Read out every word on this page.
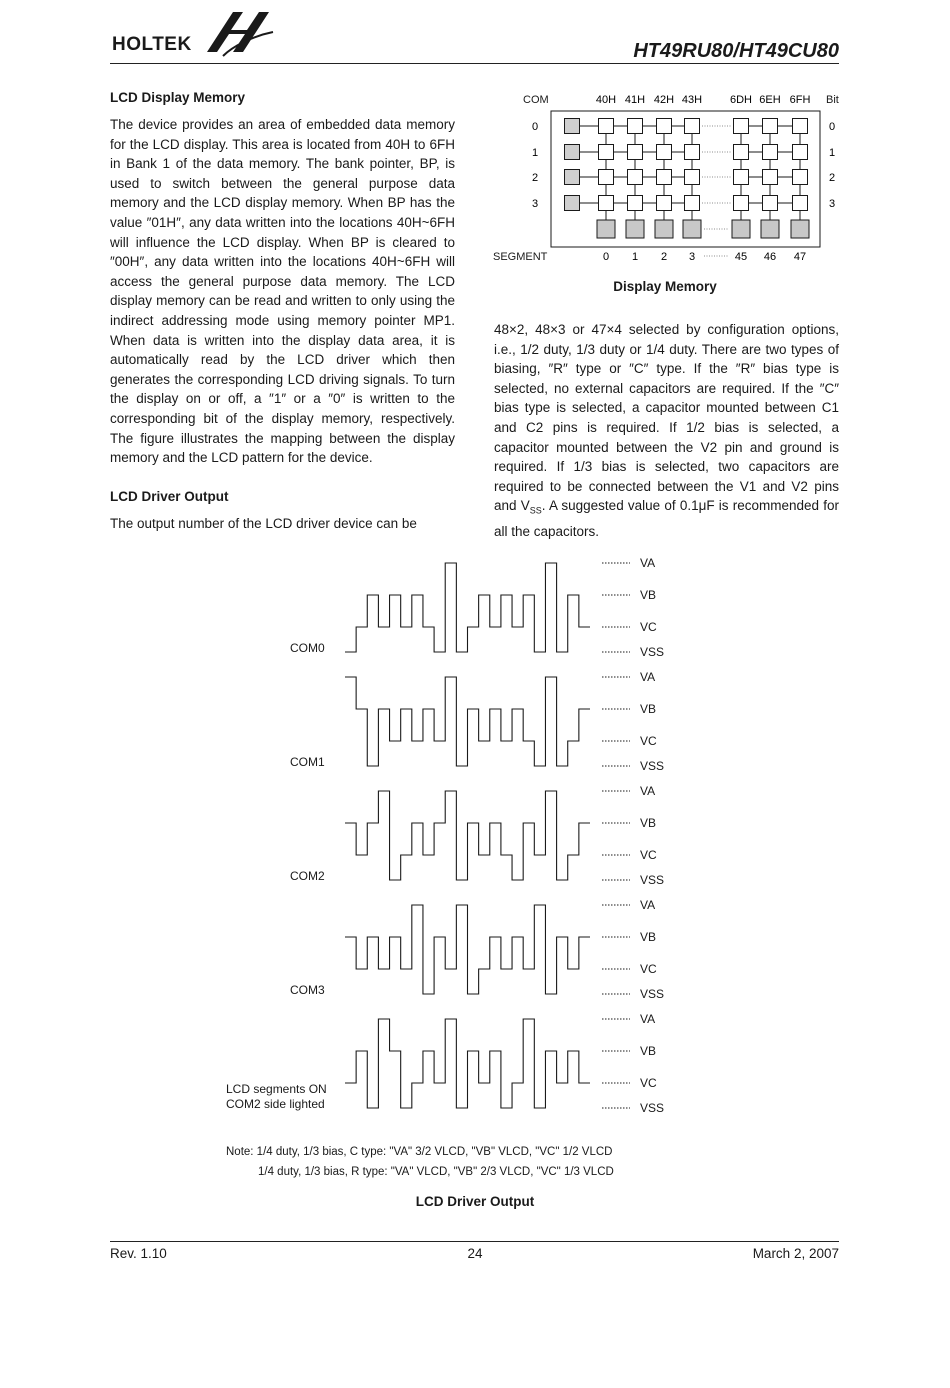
HOLTEK	HT49RU80/HT49CU80
LCD Display Memory

The device provides an area of embedded data memory for the LCD display. This area is located from 40H to 6FH in Bank 1 of the data memory. The bank pointer, BP, is used to switch between the general purpose data memory and the LCD display memory. When BP has the value ″01H″, any data written into the locations 40H~6FH will influence the LCD display. When BP is cleared to ″00H″, any data written into the locations 40H~6FH will access the general purpose data memory. The LCD display memory can be read and written to only using the indirect addressing mode using memory pointer MP1. When data is written into the display data area, it is automatically read by the LCD driver which then generates the corresponding LCD driving signals. To turn the display on or off, a ″1″ or a ″0″ is written to the corresponding bit of the display memory, respectively. The figure illustrates the mapping between the display memory and the LCD pattern for the device.

LCD Driver Output

The output number of the LCD driver device can be

COM	Bit
SEGMENT
40H 41H 42H 43H	6DH 6EH 6FH
0	0
1	1
2	2
3	3
0 1 2 3	45 46 47
Display Memory

48×2, 48×3 or 47×4 selected by configuration options, i.e., 1/2 duty, 1/3 duty or 1/4 duty. There are two types of biasing, ″R″ type or ″C″ type. If the ″R″ bias type is selected, no external capacitors are required. If the ″C″ bias type is selected, a capacitor mounted between C1 and C2 pins is required. If 1/2 bias is selected, a capacitor mounted between the V2 pin and ground is required. If 1/3 bias is selected, two capacitors are required to be connected between the V1 and V2 pins and $V_{SS}$. A suggested value of 0.1μF is recommended for all the capacitors.

LCD segments ON
COM2 side lighted
VA
VB
VC
VSS
COM0
VA
VB
VC
VSS
COM1
VA
VB
VC
VSS
COM2
VA
VB
VC
VSS
COM3
VA
VB
VC
VSS
Note: 1/4 duty, 1/3 bias, C type: "VA" 3/2 VLCD, "VB" VLCD, "VC" 1/2 VLCD
1/4 duty, 1/3 bias, R type: "VA" VLCD, "VB" 2/3 VLCD, "VC" 1/3 VLCD
LCD Driver Output
Rev. 1.10	24	March 2, 2007
